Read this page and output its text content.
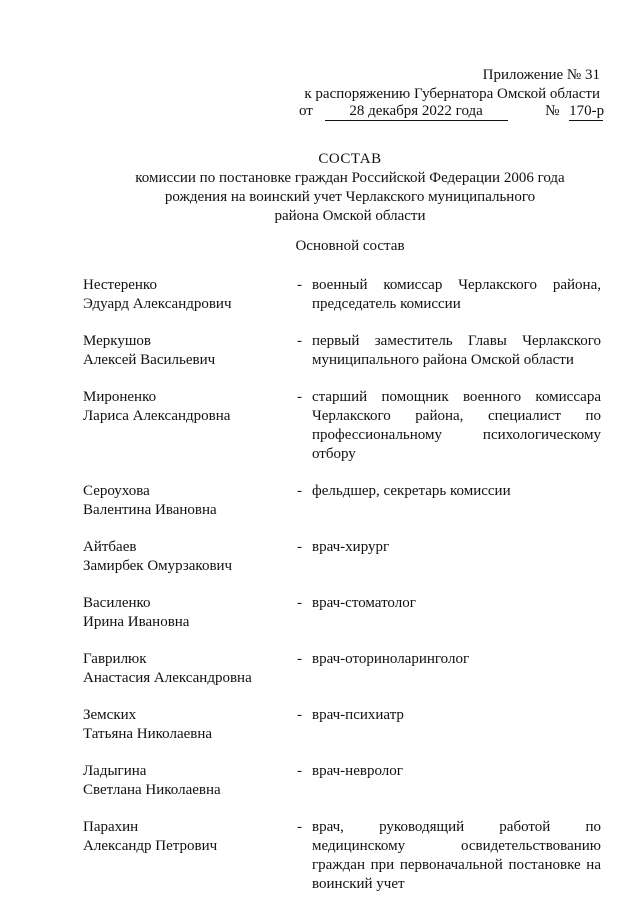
Приложение № 31
к распоряжению Губернатора Омской области
от 28 декабря 2022 года	№ 170-р
СОСТАВ
комиссии по постановке граждан Российской Федерации 2006 года
рождения на воинский учет Черлакского муниципального
района Омской области
Основной состав
Нестеренко
Эдуард Александрович
- военный комиссар Черлакского района, председатель комиссии
Меркушов
Алексей Васильевич
- первый заместитель Главы Черлакского муниципального района Омской области
Мироненко
Лариса Александровна
- старший помощник военного комиссара Черлакского района, специалист по профессиональному психологическому отбору
Сероухова
Валентина Ивановна
- фельдшер, секретарь комиссии
Айтбаев
Замирбек Омурзакович
- врач-хирург
Василенко
Ирина Ивановна
- врач-стоматолог
Гаврилюк
Анастасия Александровна
- врач-оториноларинголог
Земских
Татьяна Николаевна
- врач-психиатр
Ладыгина
Светлана Николаевна
- врач-невролог
Парахин
Александр Петрович
- врач, руководящий работой по медицинскому освидетельствованию граждан при первоначальной постановке на воинский учет
